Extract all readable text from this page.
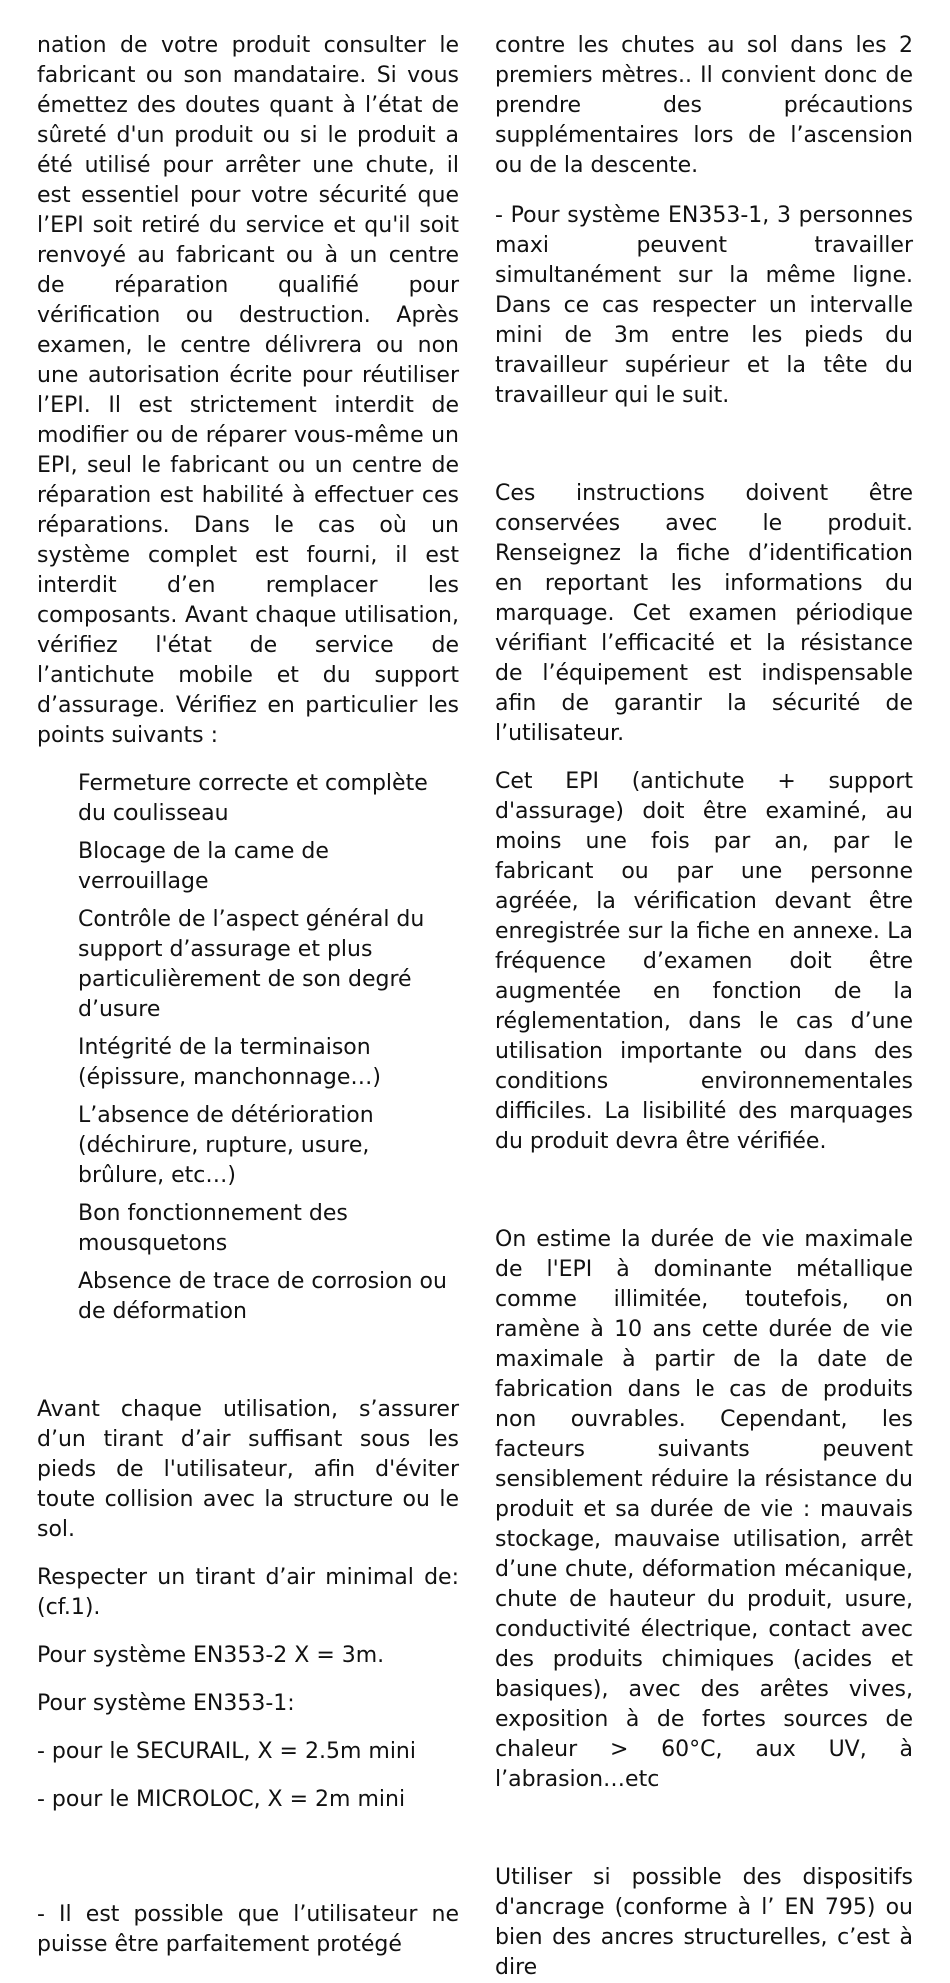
nation de votre produit consulter le fabricant ou son mandataire. Si vous émettez des doutes quant à l’état de sûreté d'un produit ou si le produit a été utilisé pour arrêter une chute, il est essentiel pour votre sécurité que l’EPI soit retiré du service et qu'il soit renvoyé au fabricant ou à un centre de réparation qualifié pour vérification ou destruction. Après examen, le centre délivrera ou non une autorisation écrite pour réutiliser l’EPI. Il est strictement interdit de modifier ou de réparer vous-même un EPI, seul le fabricant ou un centre de réparation est habilité à effectuer ces réparations. Dans le cas où un système complet est fourni, il est interdit d’en remplacer les composants. Avant chaque utilisation, vérifiez l'état de service de l’antichute mobile et du support d’assurage. Vérifiez en particulier les points suivants :

Fermeture correcte et complète du coulisseau
Blocage de la came de verrouillage
Contrôle de l’aspect général du support d’assurage et plus particulièrement de son degré d’usure
Intégrité de la terminaison (épissure, manchonnage…)
L’absence de détérioration (déchirure, rupture, usure, brûlure, etc…)
Bon fonctionnement des mousquetons
Absence de trace de corrosion ou de déformation

Avant chaque utilisation, s’assurer d’un tirant d’air suffisant sous les pieds de l'utilisateur, afin d'éviter toute collision avec la structure ou le sol.

Respecter un tirant d’air minimal de: (cf.1).

Pour système EN353-2 X = 3m.

Pour système EN353-1:

- pour le SECURAIL, X = 2.5m mini

- pour le MICROLOC, X = 2m mini

- Il est possible que l’utilisateur ne puisse être parfaitement protégé

contre les chutes au sol dans les 2 premiers mètres.. Il convient donc de prendre des précautions supplémentaires lors de l’ascension ou de la descente.

- Pour système EN353-1, 3 personnes maxi peuvent travailler simultanément sur la même ligne. Dans ce cas respecter un intervalle mini de 3m entre les pieds du travailleur supérieur et la tête du travailleur qui le suit.

Ces instructions doivent être conservées avec le produit. Renseignez la fiche d’identification en reportant les informations du marquage. Cet examen périodique vérifiant l’efficacité et la résistance de l’équipement est indispensable afin de garantir la sécurité de l’utilisateur.

Cet EPI (antichute + support d'assurage) doit être examiné, au moins une fois par an, par le fabricant ou par une personne agréée, la vérification devant être enregistrée sur la fiche en annexe. La fréquence d’examen doit être augmentée en fonction de la réglementation, dans le cas d’une utilisation importante ou dans des conditions environnementales difficiles. La lisibilité des marquages du produit devra être vérifiée.

On estime la durée de vie maximale de l'EPI à dominante métallique comme illimitée, toutefois, on ramène à 10 ans cette durée de vie maximale à partir de la date de fabrication dans le cas de produits non ouvrables. Cependant, les facteurs suivants peuvent sensiblement réduire la résistance du produit et sa durée de vie : mauvais stockage, mauvaise utilisation, arrêt d’une chute, déformation mécanique, chute de hauteur du produit, usure, conductivité électrique, contact avec des produits chimiques (acides et basiques), avec des arêtes vives, exposition à de fortes sources de chaleur > 60°C, aux UV, à l’abrasion…etc

Utiliser si possible des dispositifs d'ancrage (conforme à l’ EN 795) ou bien des ancres structurelles, c’est à dire
